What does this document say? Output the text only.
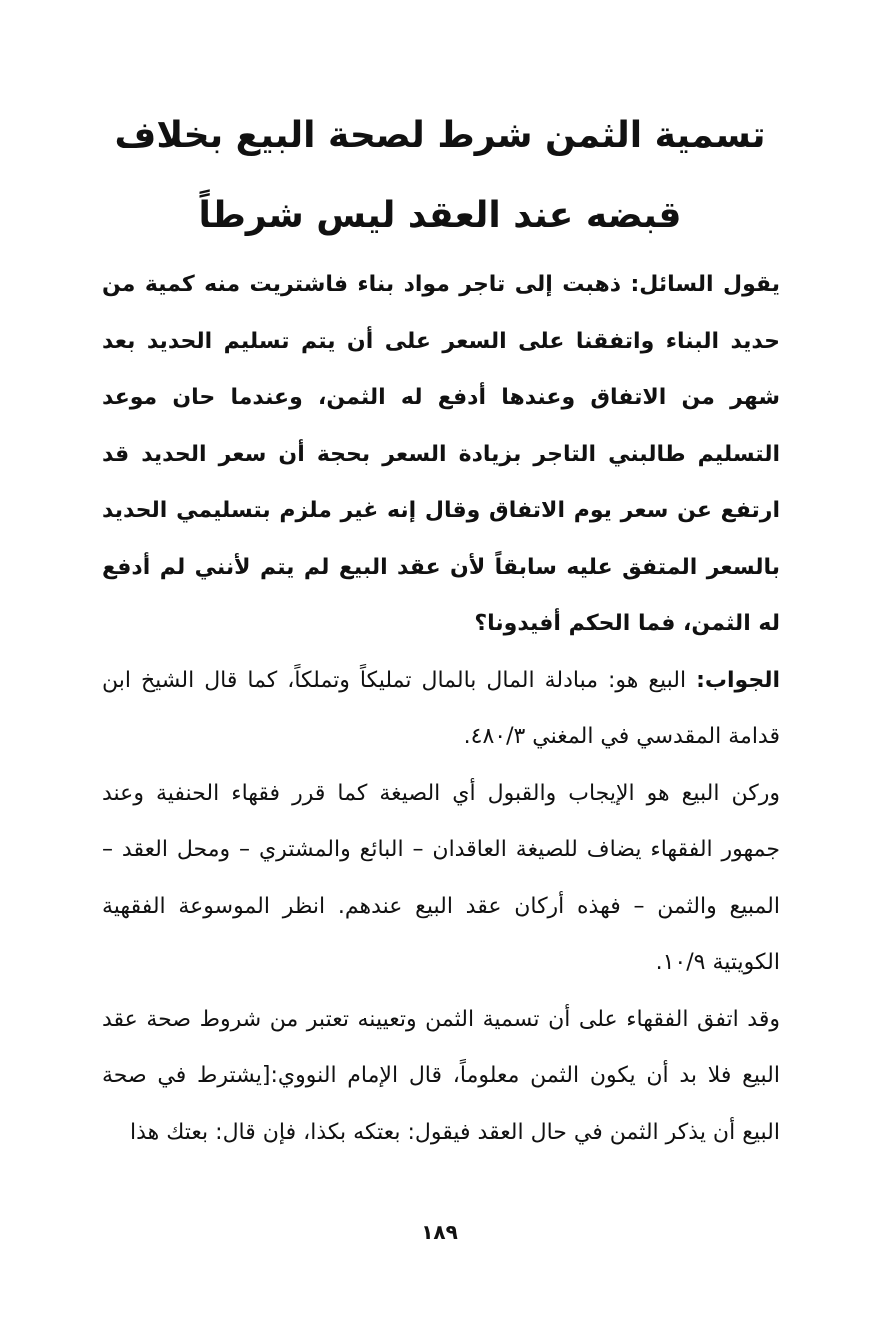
تسمية الثمن شرط لصحة البيع بخلاف قبضه عند العقد ليس شرطاً

يقول السائل: ذهبت إلى تاجر مواد بناء فاشتريت منه كمية من حديد البناء واتفقنا على السعر على أن يتم تسليم الحديد بعد شهر من الاتفاق وعندها أدفع له الثمن، وعندما حان موعد التسليم طالبني التاجر بزيادة السعر بحجة أن سعر الحديد قد ارتفع عن سعر يوم الاتفاق وقال إنه غير ملزم بتسليمي الحديد بالسعر المتفق عليه سابقاً لأن عقد البيع لم يتم لأنني لم أدفع له الثمن، فما الحكم أفيدونا؟

الجواب: البيع هو: مبادلة المال بالمال تمليكاً وتملكاً، كما قال الشيخ ابن قدامة المقدسي في المغني ٤٨٠/٣.

وركن البيع هو الإيجاب والقبول أي الصيغة كما قرر فقهاء الحنفية وعند جمهور الفقهاء يضاف للصيغة العاقدان – البائع والمشتري – ومحل العقد – المبيع والثمن – فهذه أركان عقد البيع عندهم. انظر الموسوعة الفقهية الكويتية ١٠/٩.

وقد اتفق الفقهاء على أن تسمية الثمن وتعيينه تعتبر من شروط صحة عقد البيع فلا بد أن يكون الثمن معلوماً، قال الإمام النووي:[يشترط في صحة البيع أن يذكر الثمن في حال العقد فيقول: بعتكه بكذا، فإن قال: بعتك هذا

١٨٩
